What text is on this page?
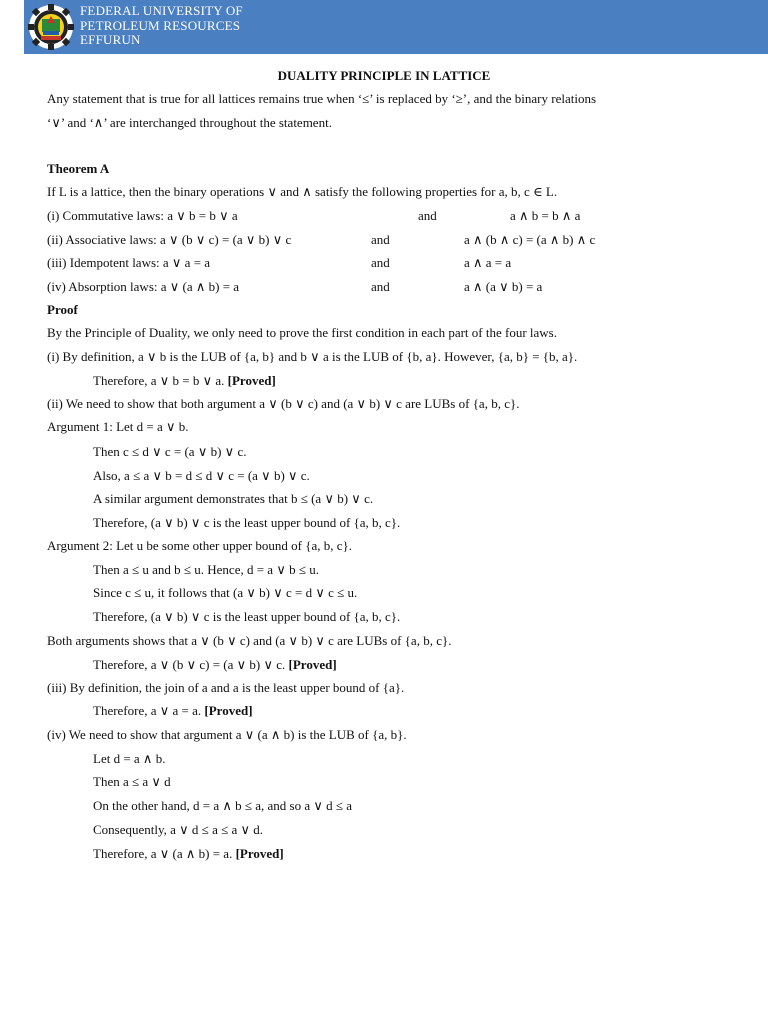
FEDERAL UNIVERSITY OF
PETROLEUM RESOURCES
EFFURUN
DUALITY PRINCIPLE IN LATTICE
Any statement that is true for all lattices remains true when ‘≤’ is replaced by ‘≥’, and the binary relations
‘∨’ and ‘∧’ are interchanged throughout the statement.
Theorem A
If L is a lattice, then the binary operations ∨ and ∧ satisfy the following properties for a, b, c ∈ L.
(i) Commutative laws: a ∨ b = b ∨ a	and	a ∧ b = b ∧ a
(ii) Associative laws: a ∨ (b ∨ c) = (a ∨ b) ∨ c	and	a ∧ (b ∧ c) = (a ∧ b) ∧ c
(iii) Idempotent laws: a ∨ a = a	and	a ∧ a = a
(iv) Absorption laws: a ∨ (a ∧ b) = a	and	a ∧ (a ∨ b) = a
Proof
By the Principle of Duality, we only need to prove the first condition in each part of the four laws.
(i) By definition, a ∨ b is the LUB of {a, b} and b ∨ a is the LUB of {b, a}. However, {a, b} = {b, a}.
Therefore, a ∨ b = b ∨ a. [Proved]
(ii) We need to show that both argument a ∨ (b ∨ c) and (a ∨ b) ∨ c are LUBs of {a, b, c}.
Argument 1: Let d = a ∨ b.
Then c ≤ d ∨ c = (a ∨ b) ∨ c.
Also, a ≤ a ∨ b = d ≤ d ∨ c = (a ∨ b) ∨ c.
A similar argument demonstrates that b ≤ (a ∨ b) ∨ c.
Therefore, (a ∨ b) ∨ c is the least upper bound of {a, b, c}.
Argument 2: Let u be some other upper bound of {a, b, c}.
Then a ≤ u and b ≤ u. Hence, d = a ∨ b ≤ u.
Since c ≤ u, it follows that (a ∨ b) ∨ c = d ∨ c ≤ u.
Therefore, (a ∨ b) ∨ c is the least upper bound of {a, b, c}.
Both arguments shows that a ∨ (b ∨ c) and (a ∨ b) ∨ c are LUBs of {a, b, c}.
Therefore, a ∨ (b ∨ c) = (a ∨ b) ∨ c. [Proved]
(iii) By definition, the join of a and a is the least upper bound of {a}.
Therefore, a ∨ a = a. [Proved]
(iv) We need to show that argument a ∨ (a ∧ b) is the LUB of {a, b}.
Let d = a ∧ b.
Then a ≤ a ∨ d
On the other hand, d = a ∧ b ≤ a, and so a ∨ d ≤ a
Consequently, a ∨ d ≤ a ≤ a ∨ d.
Therefore, a ∨ (a ∧ b) = a. [Proved]
